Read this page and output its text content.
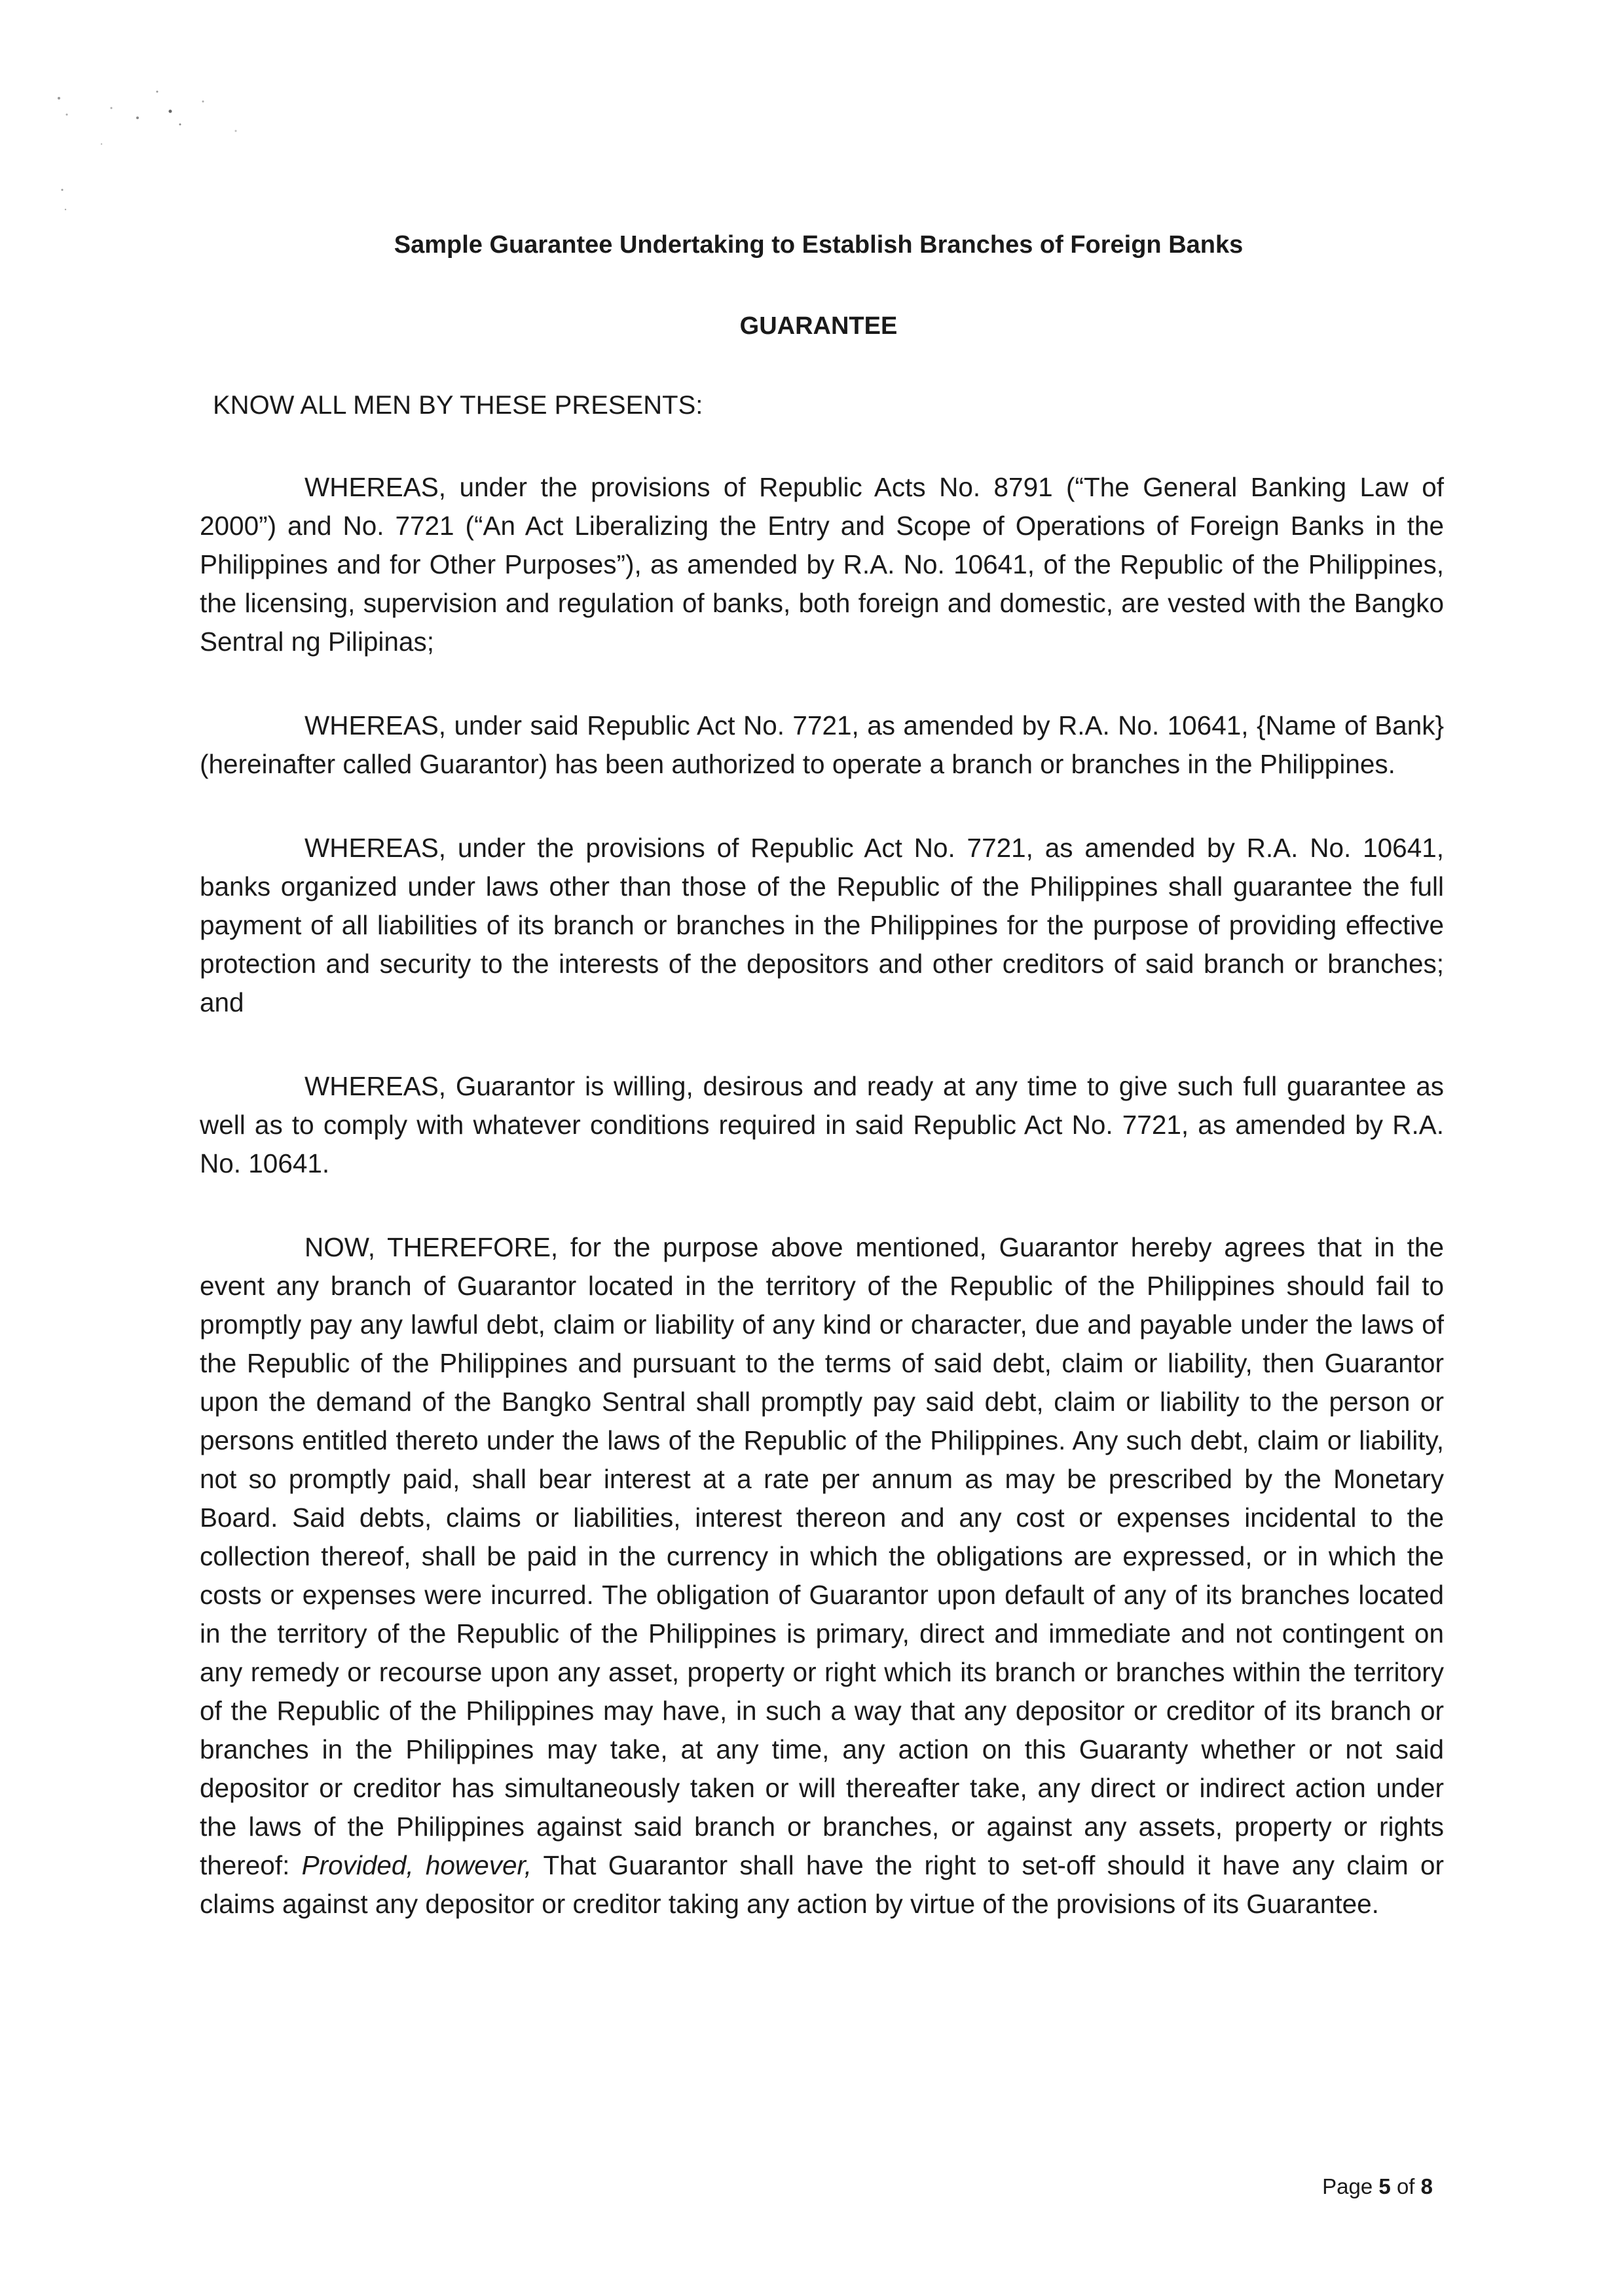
Sample Guarantee Undertaking to Establish Branches of Foreign Banks
GUARANTEE

KNOW ALL MEN BY THESE PRESENTS:

WHEREAS, under the provisions of Republic Acts No. 8791 (“The General Banking Law of 2000”) and No. 7721 (“An Act Liberalizing the Entry and Scope of Operations of Foreign Banks in the Philippines and for Other Purposes”), as amended by R.A. No. 10641, of the Republic of the Philippines, the licensing, supervision and regulation of banks, both foreign and domestic, are vested with the Bangko Sentral ng Pilipinas;

WHEREAS, under said Republic Act No. 7721, as amended by R.A. No. 10641, {Name of Bank} (hereinafter called Guarantor) has been authorized to operate a branch or branches in the Philippines.

WHEREAS, under the provisions of Republic Act No. 7721, as amended by R.A. No. 10641, banks organized under laws other than those of the Republic of the Philippines shall guarantee the full payment of all liabilities of its branch or branches in the Philippines for the purpose of providing effective protection and security to the interests of the depositors and other creditors of said branch or branches; and

WHEREAS, Guarantor is willing, desirous and ready at any time to give such full guarantee as well as to comply with whatever conditions required in said Republic Act No. 7721, as amended by R.A. No. 10641.

NOW, THEREFORE, for the purpose above mentioned, Guarantor hereby agrees that in the event any branch of Guarantor located in the territory of the Republic of the Philippines should fail to promptly pay any lawful debt, claim or liability of any kind or character, due and payable under the laws of the Republic of the Philippines and pursuant to the terms of said debt, claim or liability, then Guarantor upon the demand of the Bangko Sentral shall promptly pay said debt, claim or liability to the person or persons entitled thereto under the laws of the Republic of the Philippines. Any such debt, claim or liability, not so promptly paid, shall bear interest at a rate per annum as may be prescribed by the Monetary Board. Said debts, claims or liabilities, interest thereon and any cost or expenses incidental to the collection thereof, shall be paid in the currency in which the obligations are expressed, or in which the costs or expenses were incurred. The obligation of Guarantor upon default of any of its branches located in the territory of the Republic of the Philippines is primary, direct and immediate and not contingent on any remedy or recourse upon any asset, property or right which its branch or branches within the territory of the Republic of the Philippines may have, in such a way that any depositor or creditor of its branch or branches in the Philippines may take, at any time, any action on this Guaranty whether or not said depositor or creditor has simultaneously taken or will thereafter take, any direct or indirect action under the laws of the Philippines against said branch or branches, or against any assets, property or rights thereof: Provided, however, That Guarantor shall have the right to set-off should it have any claim or claims against any depositor or creditor taking any action by virtue of the provisions of its Guarantee.

Page 5 of 8
